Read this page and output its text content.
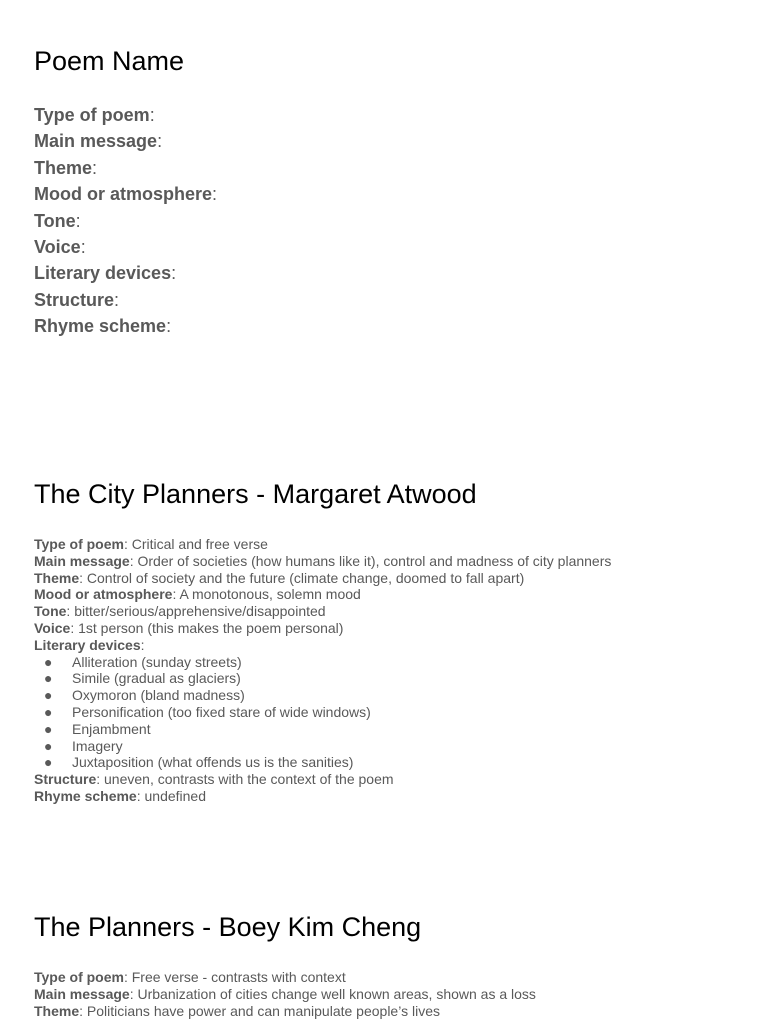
Poem Name
Type of poem:
Main message:
Theme:
Mood or atmosphere:
Tone:
Voice:
Literary devices:
Structure:
Rhyme scheme:
The City Planners - Margaret Atwood
Type of poem: Critical and free verse
Main message: Order of societies (how humans like it), control and madness of city planners
Theme: Control of society and the future (climate change, doomed to fall apart)
Mood or atmosphere: A monotonous, solemn mood
Tone: bitter/serious/apprehensive/disappointed
Voice: 1st person (this makes the poem personal)
Literary devices:
● Alliteration (sunday streets)
● Simile (gradual as glaciers)
● Oxymoron (bland madness)
● Personification (too fixed stare of wide windows)
● Enjambment
● Imagery
● Juxtaposition (what offends us is the sanities)
Structure: uneven, contrasts with the context of the poem
Rhyme scheme: undefined
The Planners - Boey Kim Cheng
Type of poem: Free verse - contrasts with context
Main message: Urbanization of cities change well known areas, shown as a loss
Theme: Politicians have power and can manipulate people’s lives
